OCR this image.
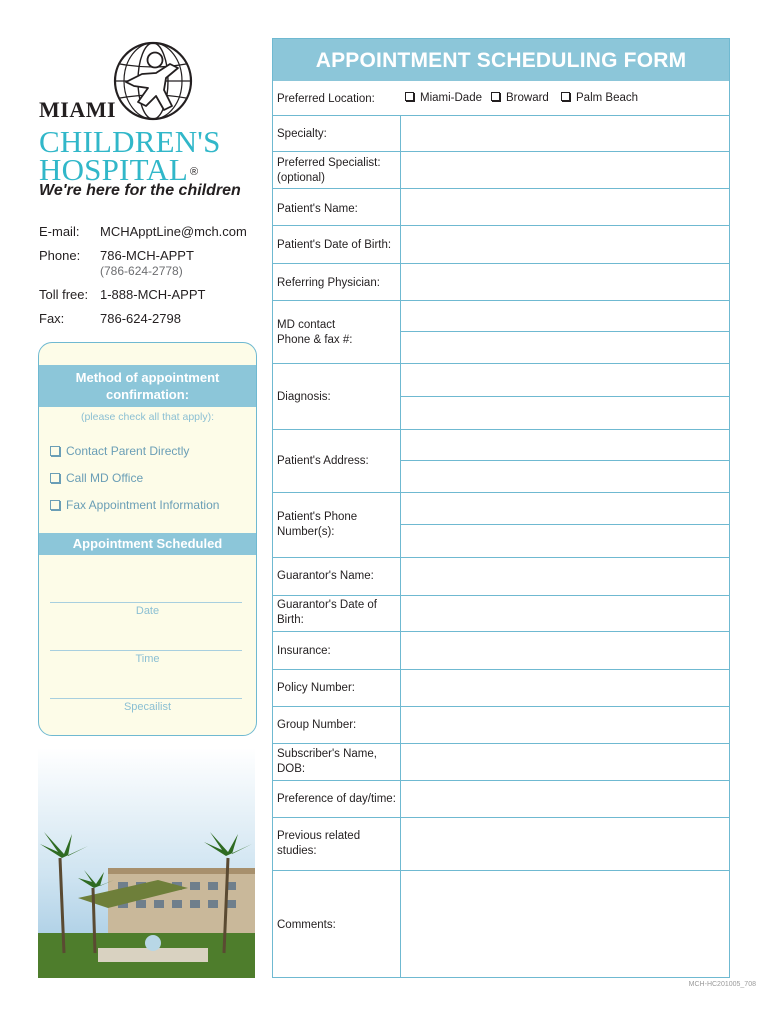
MIAMI
CHILDREN'S
HOSPITAL ®
We're here for the children
E-mail: MCHApptLine@mch.com
Phone: 786-MCH-APPT
(786-624-2778)
Toll free: 1-888-MCH-APPT
Fax:	786-624-2798
Method of appointment
confirmation:
(please check all that apply):
Contact Parent Directly
Call MD Office
Fax Appointment Information
Appointment Scheduled
Date
Time
Specailist
APPOINTMENT SCHEDULING FORM
Preferred Location:	Miami-Dade	Broward	Palm Beach
Specialty:
Preferred Specialist:
(optional)
Patient's Name:
Patient's Date of Birth:
Referring Physician:
MD contact
Phone & fax #:
Diagnosis:
Patient's Address:
Patient's Phone
Number(s):
Guarantor's Name:
Guarantor's Date of
Birth:
Insurance:
Policy Number:
Group Number:
Subscriber's Name,
DOB:
Preference of day/time:
Previous related
studies:
Comments:
MCH-HC201005_708
